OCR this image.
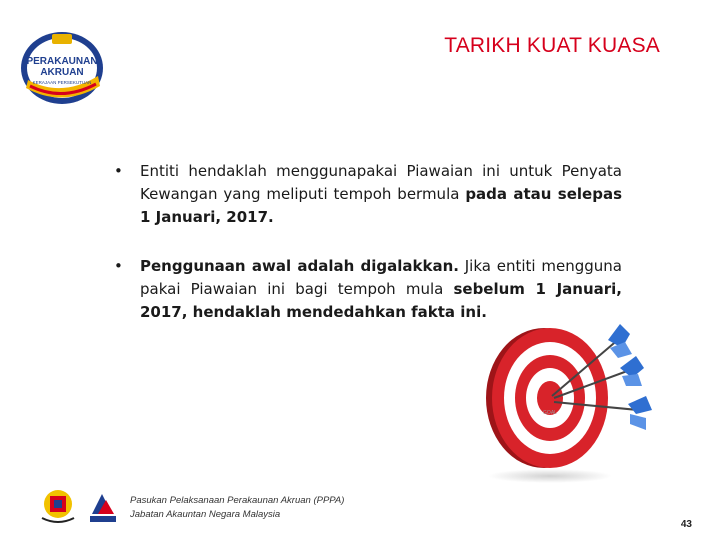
PERAKAUNAN
AKRUAN
KERAJAAN PERSEKUTUAN
TARIKH KUAT KUASA
•	Entiti hendaklah menggunapakai Piawaian ini untuk Penyata Kewangan yang meliputi tempoh bermula pada atau selepas 1 Januari, 2017.
•	Penggunaan awal adalah digalakkan. Jika entiti mengguna pakai Piawaian ini bagi tempoh mula sebelum 1 Januari, 2017, hendaklah mendedahkan fakta ini.
GOAL
Pasukan Pelaksanaan Perakaunan Akruan (PPPA)
Jabatan Akauntan Negara Malaysia
43
